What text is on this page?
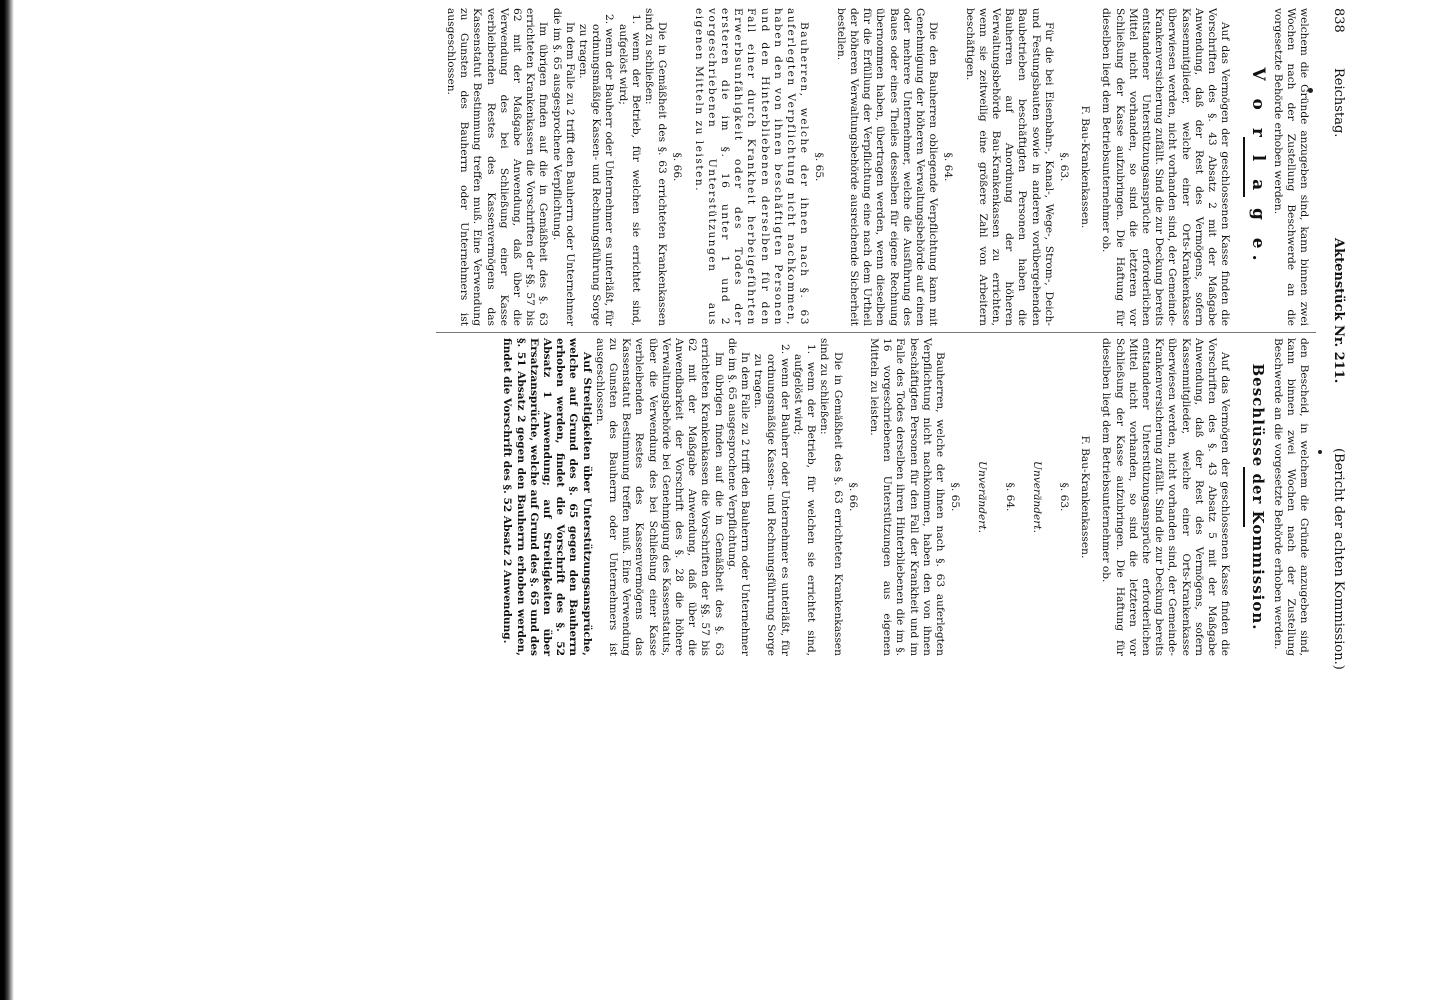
838
Reichstag.
Aktenstück Nr. 211.
(Bericht der achten Kommission.)

welchem die Gründe anzugeben sind, kann binnen zwei Wochen nach der Zustellung Beschwerde an die vorgesetzte Behörde erhoben werden.

V o r l a g e.

Auf das Vermögen der geschlossenen Kasse finden die Vorschriften des §. 43 Absatz 2 mit der Maßgabe Anwendung, daß der Rest des Vermögens, sofern Kassenmitglieder, welche einer Orts-Krankenkasse überwiesen werden, nicht vorhanden sind, der Gemeinde-Krankenversicherung zufällt. Sind die zur Deckung bereits entstandener Unterstützungsansprüche erforderlichen Mittel nicht vorhanden, so sind die letzteren vor Schließung der Kasse aufzubringen. Die Haftung für dieselben liegt dem Betriebsunternehmer ob.

F. Bau-Krankenkassen.
§. 63.

Für die bei Eisenbahn-, Kanal-, Wege-, Strom-, Deich- und Festungsbauten sowie in anderen vorübergehenden Baubetrieben beschäftigten Personen haben die Bauherren auf Anordnung der höheren Verwaltungsbehörde Bau-Krankenkassen zu errichten, wenn sie zeitweilig eine größere Zahl von Arbeitern beschäftigen.

§. 64.

Die den Bauherren obliegende Verpflichtung kann mit Genehmigung der höheren Verwaltungsbehörde auf einen oder mehrere Unternehmer, welche die Ausführung des Baues oder eines Theiles desselben für eigene Rechnung übernommen haben, übertragen werden, wenn dieselben für die Erfüllung der Verpflichtung eine nach dem Urtheil der höheren Verwaltungsbehörde ausreichende Sicherheit bestellen.

§. 65.

Bauherren, welche der ihnen nach §. 63 auferlegten Verpflichtung nicht nachkommen, haben den von ihnen beschäftigten Personen und den Hinterbliebenen derselben für den Fall einer durch Krankheit herbeigeführten Erwerbsunfähigkeit oder des Todes der ersteren die im §. 16 unter 1 und 2 vorgeschriebenen Unterstützungen aus eigenen Mitteln zu leisten.

§. 66.

Die in Gemäßheit des §. 63 errichteten Krankenkassen sind zu schließen:

1. wenn der Betrieb, für welchen sie errichtet sind, aufgelöst wird;

2. wenn der Bauherr oder Unternehmer es unterläßt, für ordnungsmäßige Kassen- und Rechnungsführung Sorge zu tragen.

In dem Falle zu 2 trifft den Bauherrn oder Unternehmer die im §. 65 ausgesprochene Verpflichtung.

Im übrigen finden auf die in Gemäßheit des §. 63 errichteten Krankenkassen die Vorschriften der §§. 57 bis 62 mit der Maßgabe Anwendung, daß über die Verwendung des bei Schließung einer Kasse verbleibenden Restes des Kassenvermögens das Kassenstatut Bestimmung treffen muß. Eine Verwendung zu Gunsten des Bauherrn oder Unternehmers ist ausgeschlossen.

den Bescheid, in welchem die Gründe anzugeben sind, kann binnen zwei Wochen nach der Zustellung Beschwerde an die vorgesetzte Behörde erhoben werden.

Beschlüsse der Kommission.

Auf das Vermögen der geschlossenen Kasse finden die Vorschriften des §. 43 Absatz 5 mit der Maßgabe Anwendung, daß der Rest des Vermögens, sofern Kassenmitglieder, welche einer Orts-Krankenkasse überwiesen werden, nicht vorhanden sind, der Gemeinde-Krankenversicherung zufällt. Sind die zur Deckung bereits entstandener Unterstützungsansprüche erforderlichen Mittel nicht vorhanden, so sind die letzteren vor Schließung der Kasse aufzubringen. Die Haftung für dieselben liegt dem Betriebsunternehmer ob.

F. Bau-Krankenkassen.
§. 63.
Unverändert.
§. 64.
Unverändert.
§. 65.

Bauherren, welche der ihnen nach §. 63 auferlegten Verpflichtung nicht nachkommen, haben den von ihnen beschäftigten Personen für den Fall der Krankheit und im Falle des Todes derselben ihren Hinterbliebenen die im §. 16 vorgeschriebenen Unterstützungen aus eigenen Mitteln zu leisten.

§. 66.

Die in Gemäßheit des §. 63 errichteten Krankenkassen sind zu schließen:

1. wenn der Betrieb, für welchen sie errichtet sind, aufgelöst wird;

2. wenn der Bauherr oder Unternehmer es unterläßt, für ordnungsmäßige Kassen- und Rechnungsführung Sorge zu tragen.

In dem Falle zu 2 trifft den Bauherrn oder Unternehmer die im §. 65 ausgesprochene Verpflichtung.

Im übrigen finden auf die in Gemäßheit des §. 63 errichteten Krankenkassen die Vorschriften der §§. 57 bis 62 mit der Maßgabe Anwendung, daß über die Anwendbarkeit der Vorschrift des §. 28 die höhere Verwaltungsbehörde bei Genehmigung des Kassenstatuts, über die Verwendung des bei Schließung einer Kasse verbleibenden Restes des Kassenvermögens das Kassenstatut Bestimmung treffen muß. Eine Verwendung zu Gunsten des Bauherrn oder Unternehmers ist ausgeschlossen.

Auf Streitigkeiten über Unterstützungsansprüche, welche auf Grund des §. 65 gegen den Bauherrn erhoben werden, findet die Vorschrift des §. 52 Absatz 1 Anwendung; auf Streitigkeiten über Ersatzansprüche, welche auf Grund des §. 65 und des §. 51 Absatz 2 gegen den Bauherrn erhoben werden, findet die Vorschrift des §. 52 Absatz 2 Anwendung.
